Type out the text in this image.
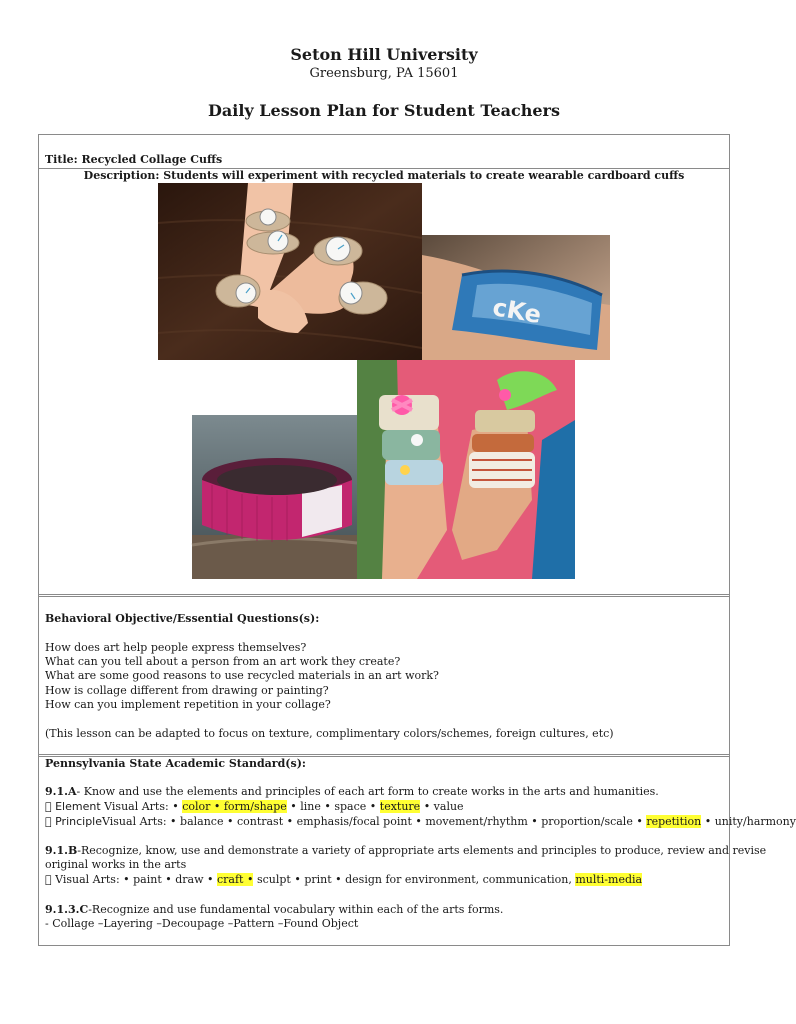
Seton Hill University
Greensburg, PA 15601
Daily Lesson Plan for Student Teachers
Title: Recycled Collage Cuffs
Description: Students will experiment with recycled materials to create wearable cardboard cuffs
cKe
Behavioral Objective/Essential Questions(s):
How does art help people express themselves?
What can you tell about a person from an art work they create?
What are some good reasons to use recycled materials in an art work?
How is collage different from drawing or painting?
How can you implement repetition in your collage?
(This lesson can be adapted to focus on texture, complimentary colors/schemes, foreign cultures, etc)
Pennsylvania State Academic Standard(s):
9.1.A- Know and use the elements and principles of each art form to create works in the arts and humanities.
Element Visual Arts: • color • form/shape • line • space • texture • value
PrincipleVisual Arts: • balance • contrast • emphasis/focal point • movement/rhythm • proportion/scale • repetition • unity/harmony
9.1.B-Recognize, know, use and demonstrate a variety of appropriate arts elements and principles to produce, review and revise
original works in the arts
Visual Arts: • paint • draw • craft • sculpt • print • design for environment, communication, multi-media
9.1.3.C-Recognize and use fundamental vocabulary within each of the arts forms.
- Collage –Layering –Decoupage –Pattern –Found Object
